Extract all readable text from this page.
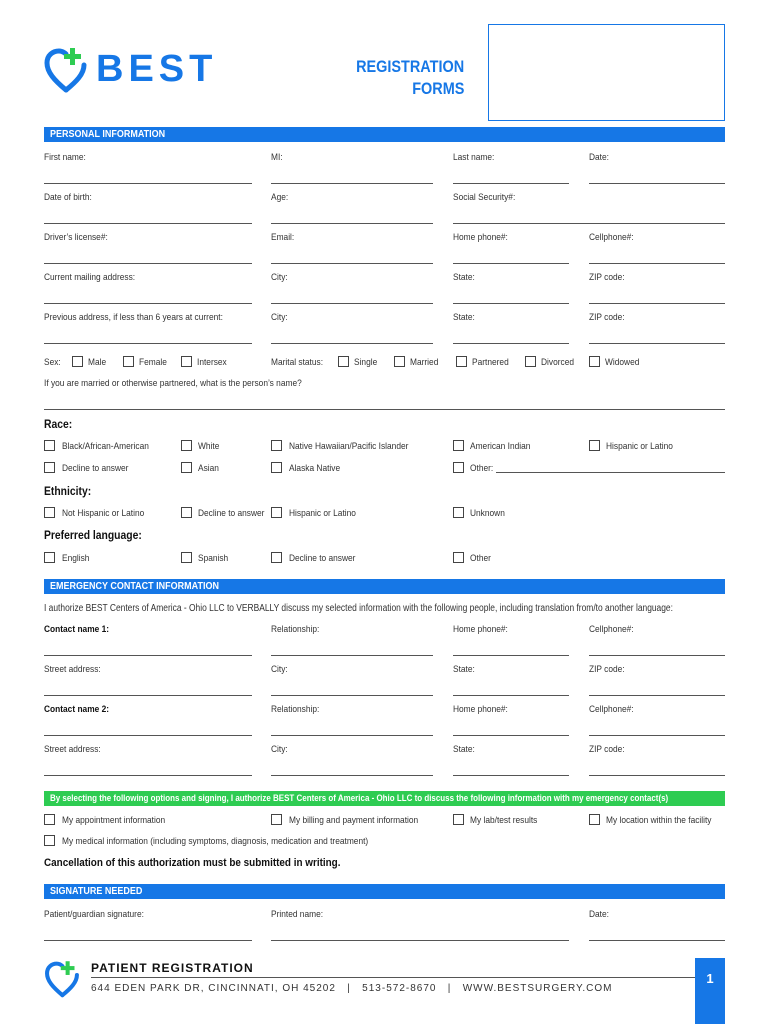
BEST	REGISTRATION
FORMS
PERSONAL INFORMATION
First name:	MI:	Last name:	Date:
Date of birth:	Age:	Social Security#:
Driver’s license#:	Email:	Home phone#:	Cellphone#:
Current mailing address:	City:	State:	ZIP code:
Previous address, if less than 6 years at current:	City:	State:	ZIP code:
Sex:	Male	Female	Intersex	Marital status:	Single	Married	Partnered	Divorced	Widowed
If you are married or otherwise partnered, what is the person’s name?
Race:
Black/African-American	White	Native Hawaiian/Pacific Islander	American Indian	Hispanic or Latino
Decline to answer	Asian	Alaska Native	Other:
Ethnicity:
Not Hispanic or Latino	Decline to answer	Hispanic or Latino	Unknown
Preferred language:
English	Spanish	Decline to answer	Other
EMERGENCY CONTACT INFORMATION
I authorize BEST Centers of America - Ohio LLC to VERBALLY discuss my selected information with the following people, including translation from/to another language:
Contact name 1:	Relationship:	Home phone#:	Cellphone#:
Street address:	City:	State:	ZIP code:
Contact name 2:	Relationship:	Home phone#:	Cellphone#:
Street address:	City:	State:	ZIP code:
By selecting the following options and signing, I authorize BEST Centers of America - Ohio LLC to discuss the following information with my emergency contact(s)
My appointment information	My billing and payment information	My lab/test results	My location within the facility
My medical information (including symptoms, diagnosis, medication and treatment)
Cancellation of this authorization must be submitted in writing.
SIGNATURE NEEDED
Patient/guardian signature:	Printed name:	Date:
PATIENT REGISTRATION
644 EDEN PARK DR, CINCINNATI, OH 45202   |   513-572-8670   |   WWW.BESTSURGERY.COM
1
